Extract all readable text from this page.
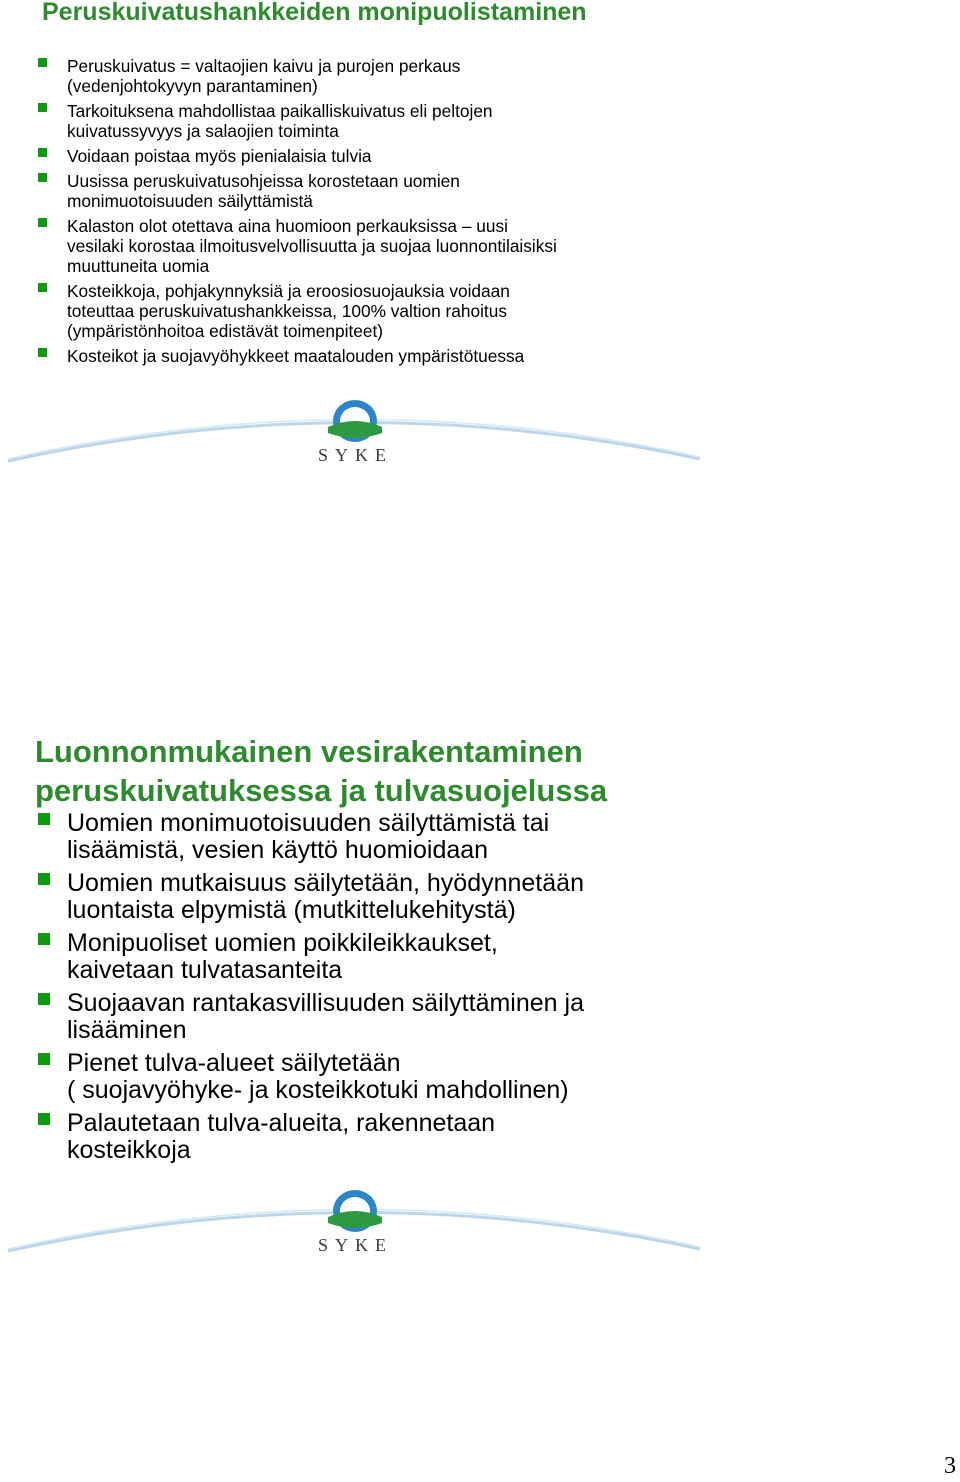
Peruskuivatushankkeiden monipuolistaminen
Peruskuivatus = valtaojien kaivu ja purojen perkaus
(vedenjohtokyvyn parantaminen)
Tarkoituksena mahdollistaa paikalliskuivatus eli peltojen
kuivatussyvyys ja salaojien toiminta
Voidaan poistaa myös pienialaisia tulvia
Uusissa peruskuivatusohjeissa korostetaan uomien
monimuotoisuuden säilyttämistä
Kalaston olot otettava aina huomioon perkauksissa – uusi
vesilaki korostaa ilmoitusvelvollisuutta ja suojaa luonnontilaisiksi
muuttuneita uomia
Kosteikkoja, pohjakynnyksiä ja eroosiosuojauksia voidaan
toteuttaa peruskuivatushankkeissa, 100% valtion rahoitus
(ympäristönhoitoa edistävät toimenpiteet)
Kosteikot ja suojavyöhykkeet maatalouden ympäristötuessa
SYKE
Luonnonmukainen vesirakentaminen
peruskuivatuksessa ja tulvasuojelussa
Uomien monimuotoisuuden säilyttämistä tai
lisäämistä, vesien käyttö huomioidaan
Uomien mutkaisuus säilytetään, hyödynnetään
luontaista elpymistä (mutkittelukehitystä)
Monipuoliset uomien poikkileikkaukset,
kaivetaan tulvatasanteita
Suojaavan rantakasvillisuuden säilyttäminen ja
lisääminen
Pienet tulva-alueet säilytetään
( suojavyöhyke- ja kosteikkotuki mahdollinen)
Palautetaan tulva-alueita, rakennetaan
kosteikkoja
SYKE
3
